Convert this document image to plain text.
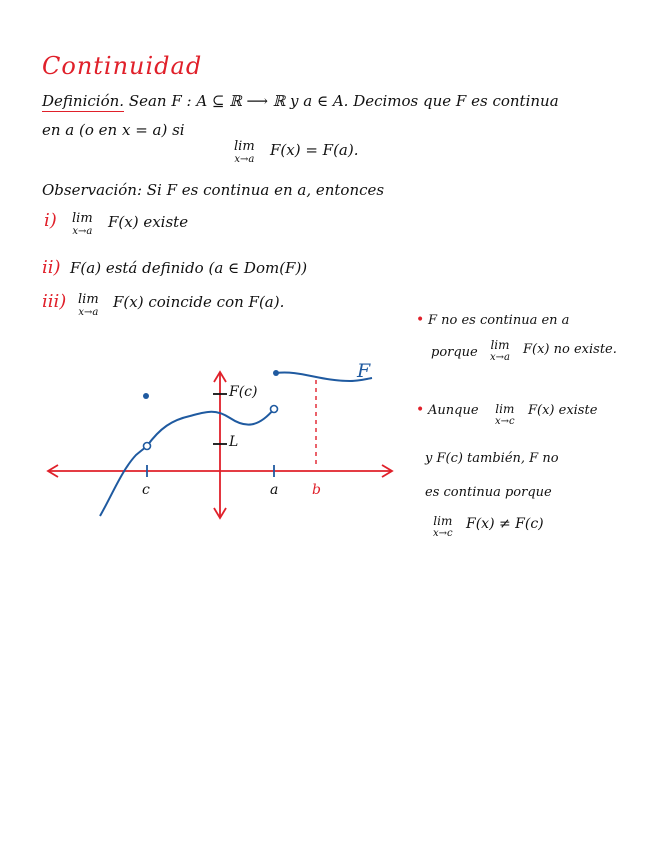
Continuidad
Definición. Sean F : A ⊆ ℝ ⟶ ℝ y a ∈ A. Decimos que F es continua
en a (o en x = a) si
lim
x→a
F(x) = F(a).
Observación: Si F es continua en a, entonces
i) lim
x→a
F(x) existe
ii) F(a) está definido (a ∈ Dom(F))
iii) lim
x→a
F(x) coincide con F(a).
F
F(c)
L
c	a b
• F no es continua en a
porque lim
x→a
F(x) no existe.
• Aunque lim
x→c
F(x) existe
y F(c) también, F no
es continua porque
lim
x→c
F(x) ≠ F(c)
